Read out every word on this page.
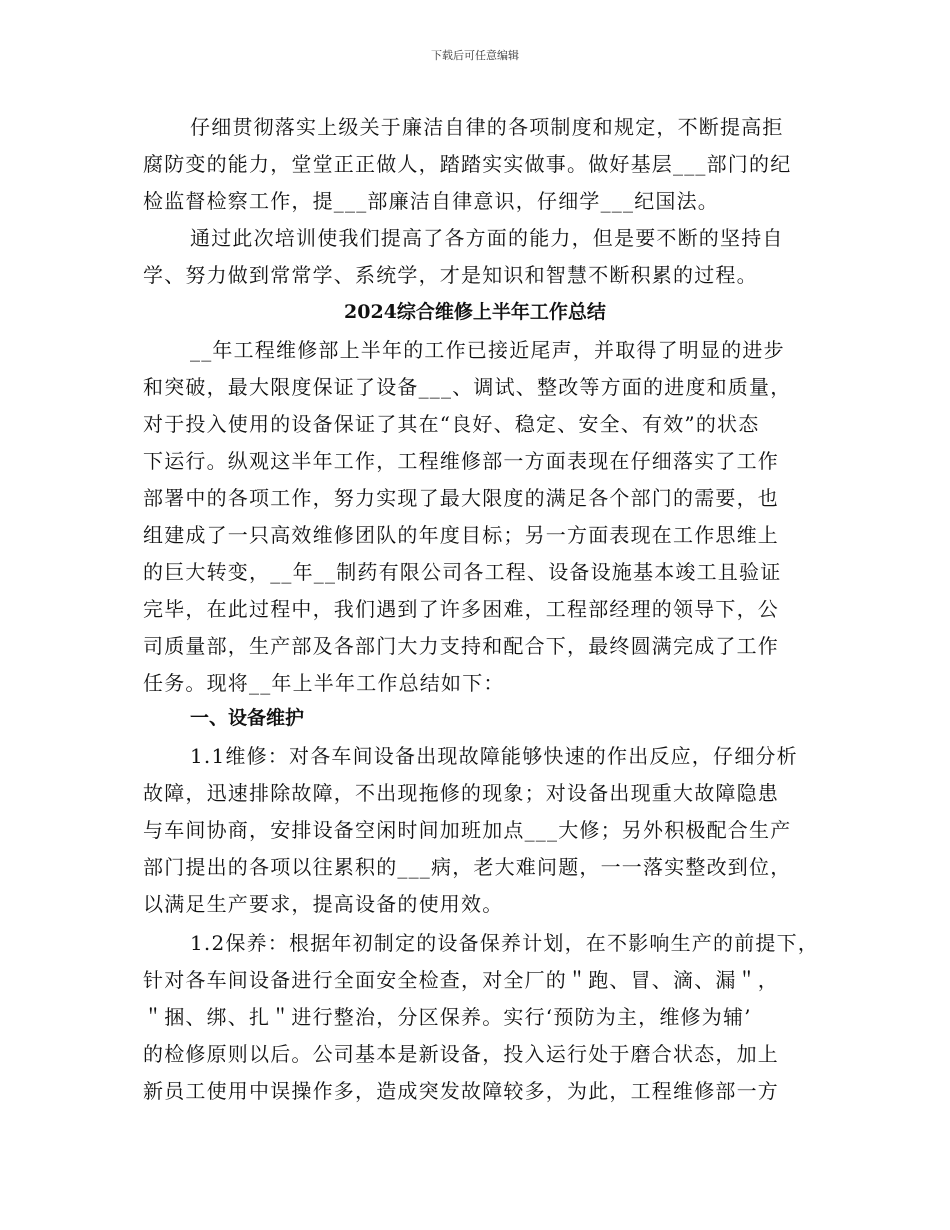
下载后可任意编辑
仔细贯彻落实上级关于廉洁自律的各项制度和规定，不断提高拒
腐防变的能力，堂堂正正做人，踏踏实实做事。做好基层___部门的纪
检监督检察工作，提___部廉洁自律意识，仔细学___纪国法。
通过此次培训使我们提高了各方面的能力，但是要不断的坚持自
学、努力做到常常学、系统学，才是知识和智慧不断积累的过程。
2024综合维修上半年工作总结
__年工程维修部上半年的工作已接近尾声，并取得了明显的进步
和突破，最大限度保证了设备___、调试、整改等方面的进度和质量，
对于投入使用的设备保证了其在“良好、稳定、安全、有效”的状态
下运行。纵观这半年工作，工程维修部一方面表现在仔细落实了工作
部署中的各项工作，努力实现了最大限度的满足各个部门的需要，也
组建成了一只高效维修团队的年度目标；另一方面表现在工作思维上
的巨大转变，__年__制药有限公司各工程、设备设施基本竣工且验证
完毕，在此过程中，我们遇到了许多困难，工程部经理的领导下，公
司质量部，生产部及各部门大力支持和配合下，最终圆满完成了工作
任务。现将__年上半年工作总结如下：
一、设备维护
1.1维修：对各车间设备出现故障能够快速的作出反应，仔细分析
故障，迅速排除故障，不出现拖修的现象；对设备出现重大故障隐患
与车间协商，安排设备空闲时间加班加点___大修；另外积极配合生产
部门提出的各项以往累积的___病，老大难问题，一一落实整改到位，
以满足生产要求，提高设备的使用效。
1.2保养：根据年初制定的设备保养计划，在不影响生产的前提下，
针对各车间设备进行全面安全检查，对全厂的＂跑、冒、滴、漏＂，
＂捆、绑、扎＂进行整治，分区保养。实行‘预防为主，维修为辅’
的检修原则以后。公司基本是新设备，投入运行处于磨合状态，加上
新员工使用中误操作多，造成突发故障较多，为此，工程维修部一方
